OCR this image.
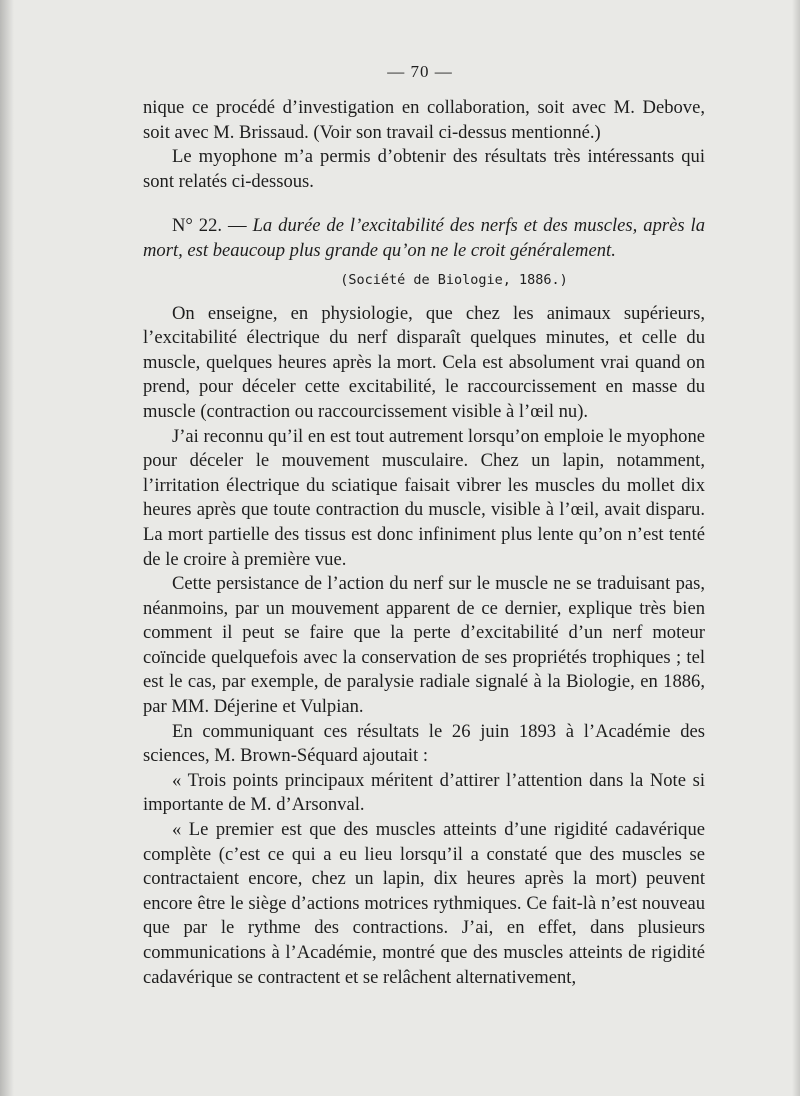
— 70 —

nique ce procédé d’investigation en collaboration, soit avec M. Debove, soit avec M. Brissaud. (Voir son travail ci-dessus mentionné.)

Le myophone m’a permis d’obtenir des résultats très intéressants qui sont relatés ci-dessous.

N° 22. — La durée de l’excitabilité des nerfs et des muscles, après la mort, est beaucoup plus grande qu’on ne le croit généralement.

(Société de Biologie, 1886.)

On enseigne, en physiologie, que chez les animaux supérieurs, l’excitabilité électrique du nerf disparaît quelques minutes, et celle du muscle, quelques heures après la mort. Cela est absolument vrai quand on prend, pour déceler cette excitabilité, le raccourcissement en masse du muscle (contraction ou raccourcissement visible à l’œil nu).

J’ai reconnu qu’il en est tout autrement lorsqu’on emploie le myophone pour déceler le mouvement musculaire. Chez un lapin, notamment, l’irritation électrique du sciatique faisait vibrer les muscles du mollet dix heures après que toute contraction du muscle, visible à l’œil, avait disparu. La mort partielle des tissus est donc infiniment plus lente qu’on n’est tenté de le croire à première vue.

Cette persistance de l’action du nerf sur le muscle ne se traduisant pas, néanmoins, par un mouvement apparent de ce dernier, explique très bien comment il peut se faire que la perte d’excitabilité d’un nerf moteur coïncide quelquefois avec la conservation de ses propriétés trophiques ; tel est le cas, par exemple, de paralysie radiale signalé à la Biologie, en 1886, par MM. Déjerine et Vulpian.

En communiquant ces résultats le 26 juin 1893 à l’Académie des sciences, M. Brown-Séquard ajoutait :

« Trois points principaux méritent d’attirer l’attention dans la Note si importante de M. d’Arsonval.

« Le premier est que des muscles atteints d’une rigidité cadavérique complète (c’est ce qui a eu lieu lorsqu’il a constaté que des muscles se contractaient encore, chez un lapin, dix heures après la mort) peuvent encore être le siège d’actions motrices rythmiques. Ce fait-là n’est nouveau que par le rythme des contractions. J’ai, en effet, dans plusieurs communications à l’Académie, montré que des muscles atteints de rigidité cadavérique se contractent et se relâchent alternativement,
